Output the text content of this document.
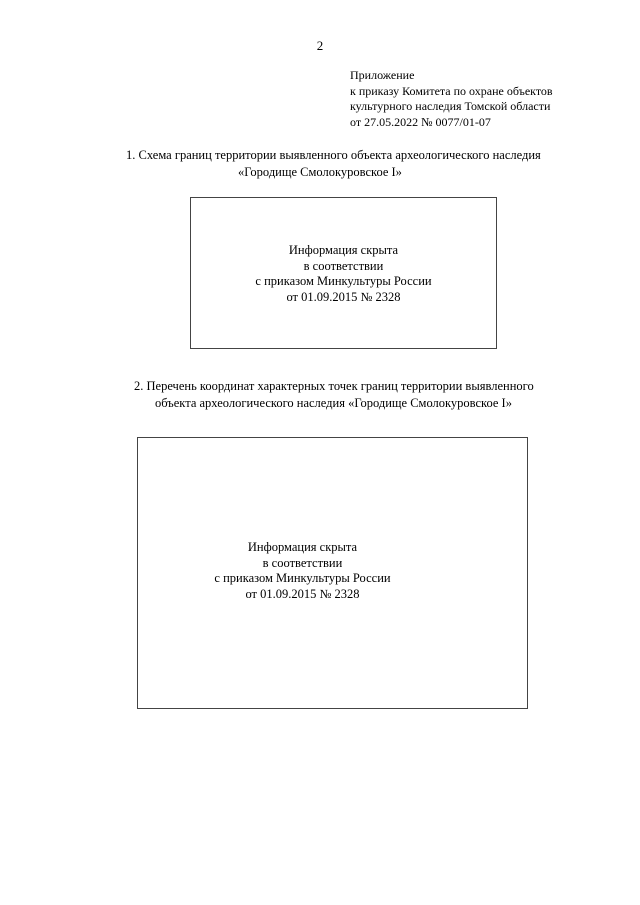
2
Приложение
к приказу Комитета по охране объектов
культурного наследия Томской области
от 27.05.2022 № 0077/01-07
1. Схема границ территории выявленного объекта археологического наследия
«Городище Смолокуровское I»
Информация скрыта
в соответствии
с приказом Минкультуры России
от 01.09.2015 № 2328
2. Перечень координат характерных точек границ территории выявленного
объекта археологического наследия «Городище Смолокуровское I»
Информация скрыта
в соответствии
с приказом Минкультуры России
от 01.09.2015 № 2328
